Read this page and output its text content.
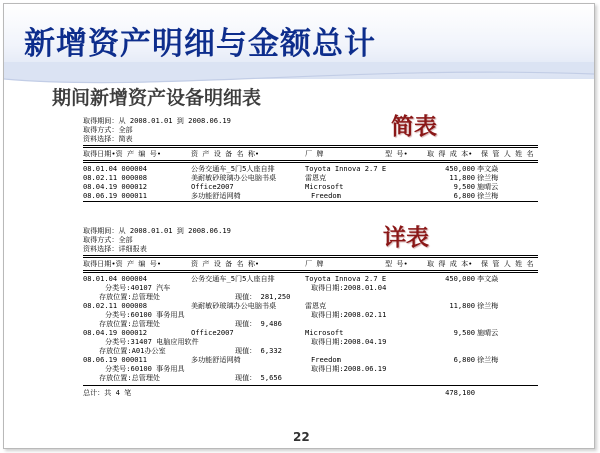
新增资产明细与金额总计
期间新增资产设备明细表
简表
详表
取得期间：从 2008.01.01 到 2008.06.19
取得方式：全部
资料选择：简表
取得日期•资 产 编 号•	资 产 设 备 名 称•	厂 牌	型 号•	取 得 成 本• 保 管 人 姓 名
08.01.04 000004	公务交通车_5门5人座自排	Toyota Innova 2.7 E	450,000 李文焱
08.02.11 000008	美耐敏砂玻璃办公电脑书桌	雷恩克	11,800 徐兰梅
08.04.19 000012	Office2007	Microsoft	9,500 施晴云
08.06.19 000011	多功能舒适网椅	Freedom	6,800 徐兰梅
取得期间：从 2008.01.01 到 2008.06.19
取得方式：全部
资料选择：详细报表
取得日期•资 产 编 号•	资 产 设 备 名 称•	厂 牌	型 号•	取 得 成 本• 保 管 人 姓 名
08.01.04 000004	公务交通车_5门5人座自排	Toyota Innova 2.7 E	450,000 李文焱
分类号:40107 汽车	取得日期:2008.01.04
存放位置:总管理处	现值： 281,250
08.02.11 000008	美耐敏砂玻璃办公电脑书桌	雷恩克	11,800 徐兰梅
分类号:60100 事务用具	取得日期:2008.02.11
存放位置:总管理处	现值： 9,486
08.04.19 000012	Office2007	Microsoft	9,500 施晴云
分类号:31407 电脑应用软件	取得日期:2008.04.19
存放位置:A01办公室	现值： 6,332
08.06.19 000011	多功能舒适网椅	Freedom	6,800 徐兰梅
分类号:60100 事务用具	取得日期:2008.06.19
存放位置:总管理处	现值： 5,656
总计：共 4 笔	478,100
22
